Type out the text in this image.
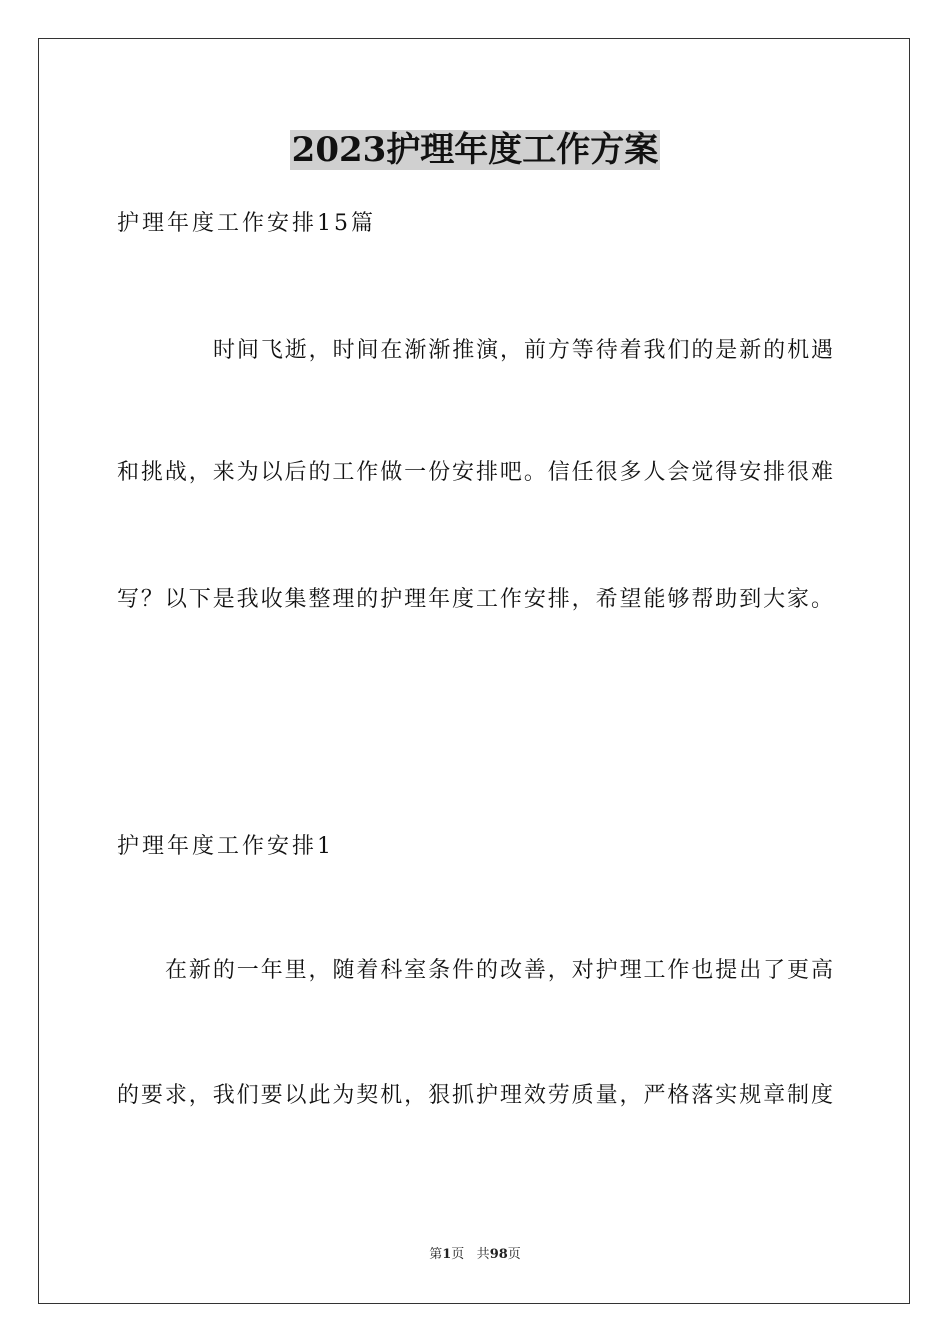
2023护理年度工作方案
护理年度工作安排15篇
时间飞逝，时间在渐渐推演，前方等待着我们的是新的机遇
和挑战，来为以后的工作做一份安排吧。信任很多人会觉得安排很难
写？以下是我收集整理的护理年度工作安排，希望能够帮助到大家。
护理年度工作安排1
在新的一年里，随着科室条件的改善，对护理工作也提出了更高
的要求，我们要以此为契机，狠抓护理效劳质量，严格落实规章制度
第1页 共98页
